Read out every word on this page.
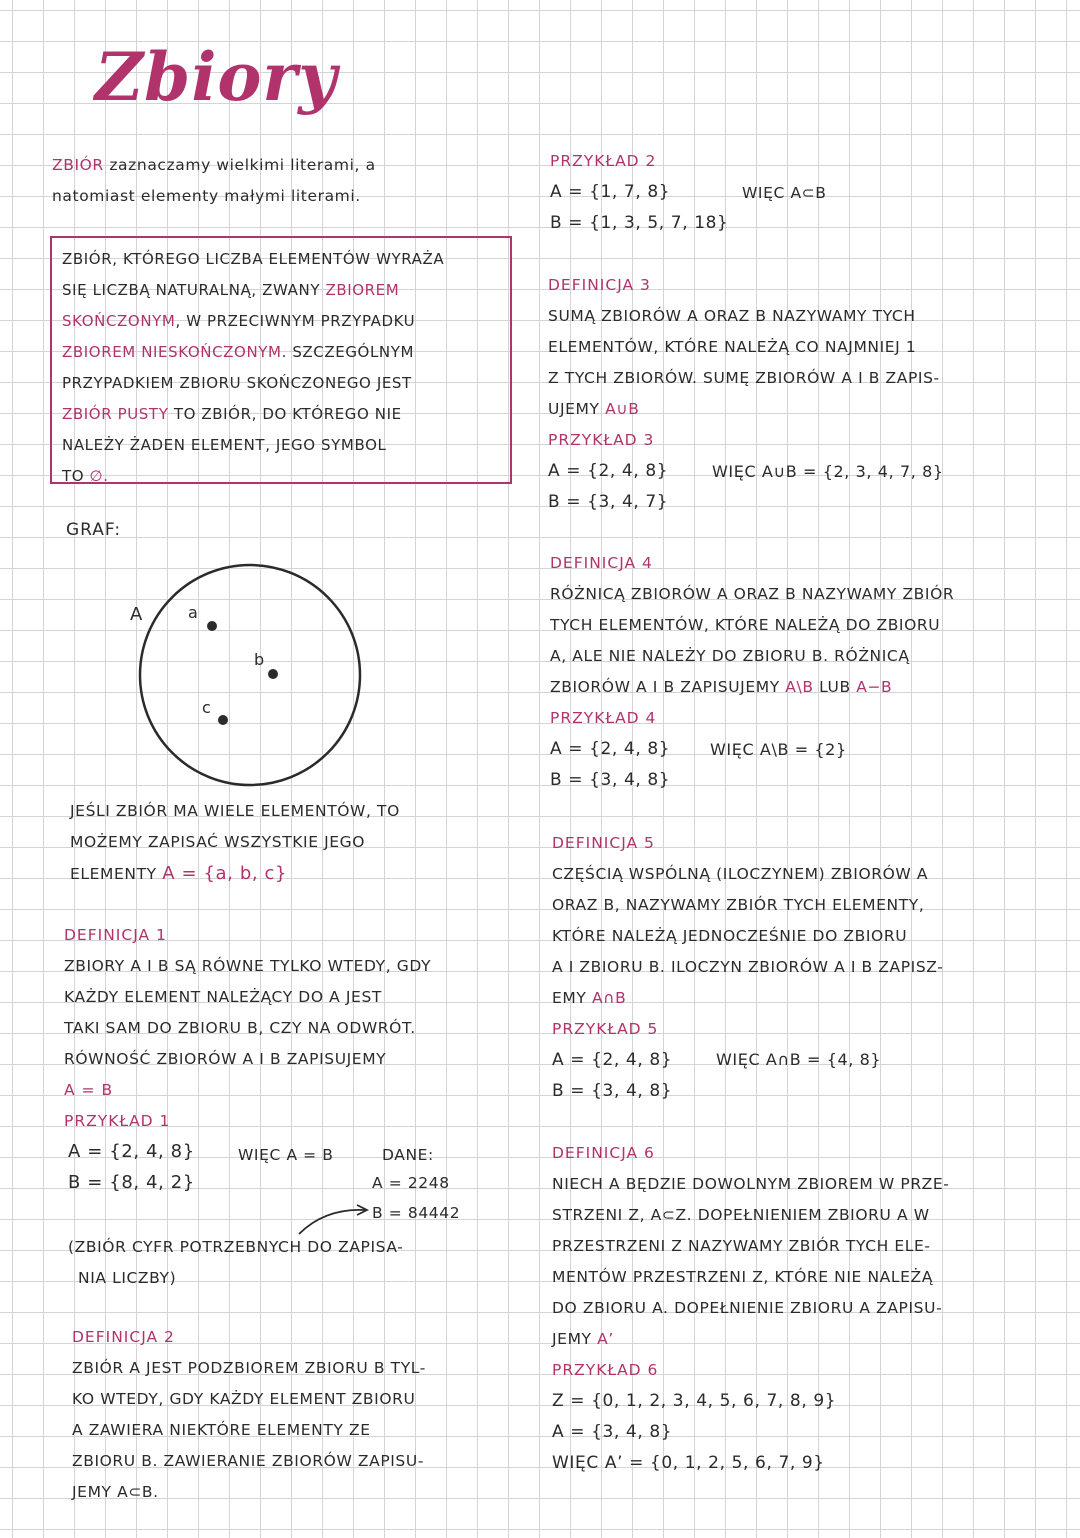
Zbiory
ZBIÓR zaznaczamy wielkimi literami, a
natomiast elementy małymi literami.
ZBIÓR, KTÓREGO LICZBA ELEMENTÓW WYRAŻA
SIĘ LICZBĄ NATURALNĄ, ZWANY ZBIOREM
SKOŃCZONYM, W PRZECIWNYM PRZYPADKU
ZBIOREM NIESKOŃCZONYM. SZCZEGÓLNYM
PRZYPADKIEM ZBIORU SKOŃCZONEGO JEST
ZBIÓR PUSTY TO ZBIÓR, DO KTÓREGO NIE
NALEŻY ŻADEN ELEMENT, JEGO SYMBOL
TO ∅.
GRAF:
A	a
b
c
JEŚLI ZBIÓR MA WIELE ELEMENTÓW, TO
MOŻEMY ZAPISAĆ WSZYSTKIE JEGO
ELEMENTY A = {a, b, c}
DEFINICJA 1
ZBIORY A I B SĄ RÓWNE TYLKO WTEDY, GDY
KAŻDY ELEMENT NALEŻĄCY DO A JEST
TAKI SAM DO ZBIORU B, CZY NA ODWRÓT.
RÓWNOŚĆ ZBIORÓW A I B ZAPISUJEMY
A = B
PRZYKŁAD 1
A = {2, 4, 8}
B = {8, 4, 2}
WIĘC A = B	DANE:
A = 2248
B = 84442
(ZBIÓR CYFR POTRZEBNYCH DO ZAPISA-
NIA LICZBY)
DEFINICJA 2
ZBIÓR A JEST PODZBIOREM ZBIORU B TYL-
KO WTEDY, GDY KAŻDY ELEMENT ZBIORU
A ZAWIERA NIEKTÓRE ELEMENTY ZE
ZBIORU B. ZAWIERANIE ZBIORÓW ZAPISU-
JEMY A⊂B.
PRZYKŁAD 2
A = {1, 7, 8}
B = {1, 3, 5, 7, 18}
WIĘC A⊂B
DEFINICJA 3
SUMĄ ZBIORÓW A ORAZ B NAZYWAMY TYCH
ELEMENTÓW, KTÓRE NALEŻĄ CO NAJMNIEJ 1
Z TYCH ZBIORÓW. SUMĘ ZBIORÓW A I B ZAPIS-
UJEMY A∪B
PRZYKŁAD 3
A = {2, 4, 8}
B = {3, 4, 7}
WIĘC A∪B = {2, 3, 4, 7, 8}
DEFINICJA 4
RÓŻNICĄ ZBIORÓW A ORAZ B NAZYWAMY ZBIÓR
TYCH ELEMENTÓW, KTÓRE NALEŻĄ DO ZBIORU
A, ALE NIE NALEŻY DO ZBIORU B. RÓŻNICĄ
ZBIORÓW A I B ZAPISUJEMY A\B LUB A−B
PRZYKŁAD 4
A = {2, 4, 8}
B = {3, 4, 8}
WIĘC A\B = {2}
DEFINICJA 5
CZĘŚCIĄ WSPÓLNĄ (ILOCZYNEM) ZBIORÓW A
ORAZ B, NAZYWAMY ZBIÓR TYCH ELEMENTY,
KTÓRE NALEŻĄ JEDNOCZEŚNIE DO ZBIORU
A I ZBIORU B. ILOCZYN ZBIORÓW A I B ZAPISZ-
EMY A∩B
PRZYKŁAD 5
A = {2, 4, 8}
B = {3, 4, 8}
WIĘC A∩B = {4, 8}
DEFINICJA 6
NIECH A BĘDZIE DOWOLNYM ZBIOREM W PRZE-
STRZENI Z, A⊂Z. DOPEŁNIENIEM ZBIORU A W
PRZESTRZENI Z NAZYWAMY ZBIÓR TYCH ELE-
MENTÓW PRZESTRZENI Z, KTÓRE NIE NALEŻĄ
DO ZBIORU A. DOPEŁNIENIE ZBIORU A ZAPISU-
JEMY A’
PRZYKŁAD 6
Z = {0, 1, 2, 3, 4, 5, 6, 7, 8, 9}
A = {3, 4, 8}
WIĘC A’ = {0, 1, 2, 5, 6, 7, 9}
